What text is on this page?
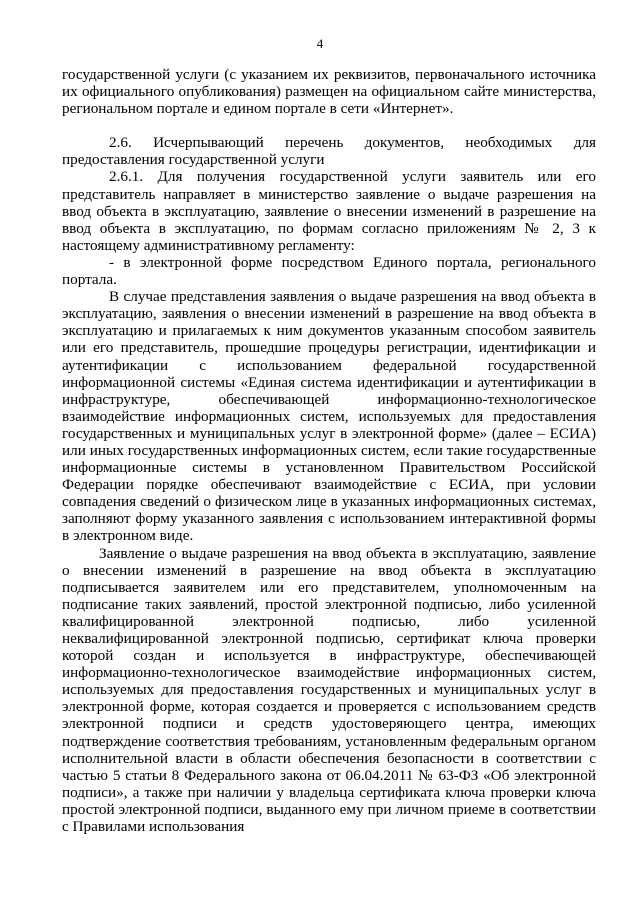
4

государственной услуги (с указанием их реквизитов, первоначального источника их официального опубликования) размещен на официальном сайте министерства, региональном портале и едином портале в сети «Интернет».

2.6. Исчерпывающий перечень документов, необходимых для предоставления государственной услуги

2.6.1. Для получения государственной услуги заявитель или его представитель направляет в министерство заявление о выдаче разрешения на ввод объекта в эксплуатацию, заявление о внесении изменений в разрешение на ввод объекта в эксплуатацию, по формам согласно приложениям № 2, 3 к настоящему административному регламенту:

- в электронной форме посредством Единого портала, регионального портала.

В случае представления заявления о выдаче разрешения на ввод объекта в эксплуатацию, заявления о внесении изменений в разрешение на ввод объекта в эксплуатацию и прилагаемых к ним документов указанным способом заявитель или его представитель, прошедшие процедуры регистрации, идентификации и аутентификации с использованием федеральной государственной информационной системы «Единая система идентификации и аутентификации в инфраструктуре, обеспечивающей информационно-технологическое взаимодействие информационных систем, используемых для предоставления государственных и муниципальных услуг в электронной форме» (далее – ЕСИА) или иных государственных информационных систем, если такие государственные информационные системы в установленном Правительством Российской Федерации порядке обеспечивают взаимодействие с ЕСИА, при условии совпадения сведений о физическом лице в указанных информационных системах, заполняют форму указанного заявления с использованием интерактивной формы в электронном виде.

Заявление о выдаче разрешения на ввод объекта в эксплуатацию, заявление о внесении изменений в разрешение на ввод объекта в эксплуатацию подписывается заявителем или его представителем, уполномоченным на подписание таких заявлений, простой электронной подписью, либо усиленной квалифицированной электронной подписью, либо усиленной неквалифицированной электронной подписью, сертификат ключа проверки которой создан и используется в инфраструктуре, обеспечивающей информационно-технологическое взаимодействие информационных систем, используемых для предоставления государственных и муниципальных услуг в электронной форме, которая создается и проверяется с использованием средств электронной подписи и средств удостоверяющего центра, имеющих подтверждение соответствия требованиям, установленным федеральным органом исполнительной власти в области обеспечения безопасности в соответствии с частью 5 статьи 8 Федерального закона от 06.04.2011 № 63-ФЗ «Об электронной подписи», а также при наличии у владельца сертификата ключа проверки ключа простой электронной подписи, выданного ему при личном приеме в соответствии с Правилами использования
